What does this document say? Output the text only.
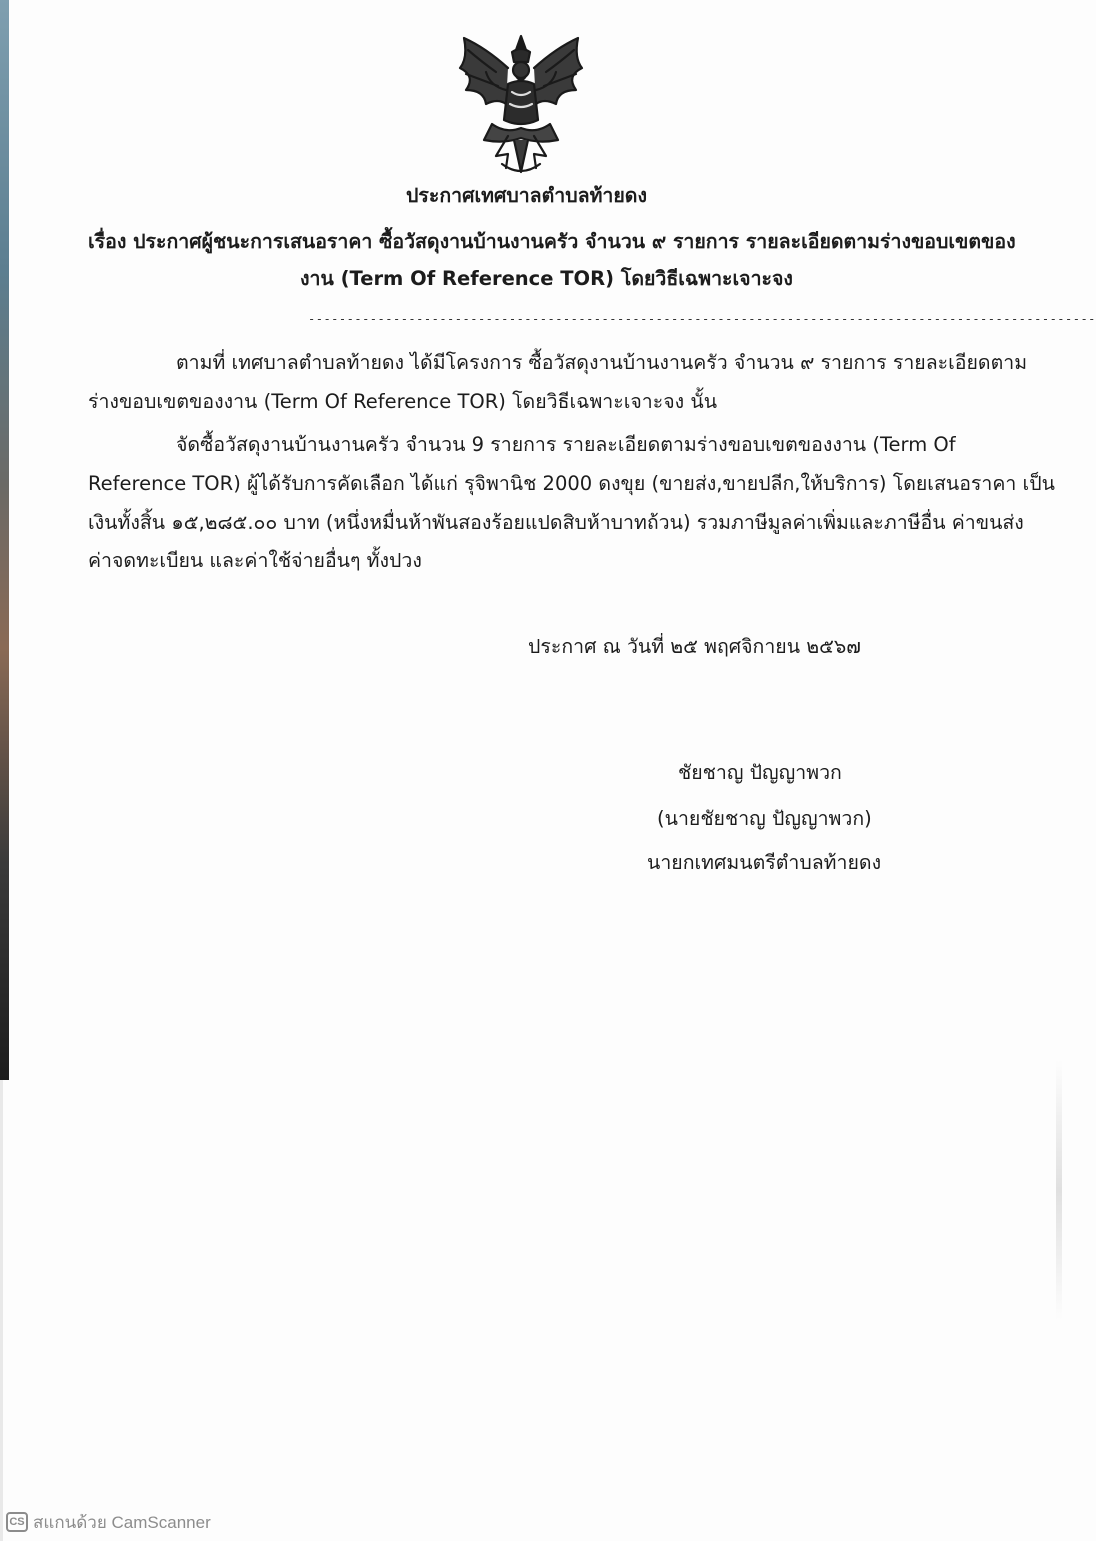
ประกาศเทศบาลตำบลท้ายดง
เรื่อง ประกาศผู้ชนะการเสนอราคา ซื้อวัสดุงานบ้านงานครัว จำนวน ๙ รายการ รายละเอียดตามร่างขอบเขตของ
งาน (Term Of Reference TOR) โดยวิธีเฉพาะเจาะจง
------------------------------------------------------------------------------------------------------
ตามที่ เทศบาลตำบลท้ายดง ได้มีโครงการ ซื้อวัสดุงานบ้านงานครัว จำนวน ๙ รายการ รายละเอียดตาม
ร่างขอบเขตของงาน (Term Of Reference TOR) โดยวิธีเฉพาะเจาะจง นั้น
จัดซื้อวัสดุงานบ้านงานครัว จำนวน 9 รายการ รายละเอียดตามร่างขอบเขตของงาน (Term Of
Reference TOR) ผู้ได้รับการคัดเลือก ได้แก่ รุจิพานิช 2000 ดงขุย (ขายส่ง,ขายปลีก,ให้บริการ) โดยเสนอราคา เป็น
เงินทั้งสิ้น ๑๕,๒๘๕.๐๐ บาท (หนึ่งหมื่นห้าพันสองร้อยแปดสิบห้าบาทถ้วน) รวมภาษีมูลค่าเพิ่มและภาษีอื่น ค่าขนส่ง
ค่าจดทะเบียน และค่าใช้จ่ายอื่นๆ ทั้งปวง
ประกาศ ณ วันที่ ๒๕ พฤศจิกายน ๒๕๖๗
ชัยชาญ ปัญญาพวก
(นายชัยชาญ ปัญญาพวก)
นายกเทศมนตรีตำบลท้ายดง
CS สแกนด้วย CamScanner
